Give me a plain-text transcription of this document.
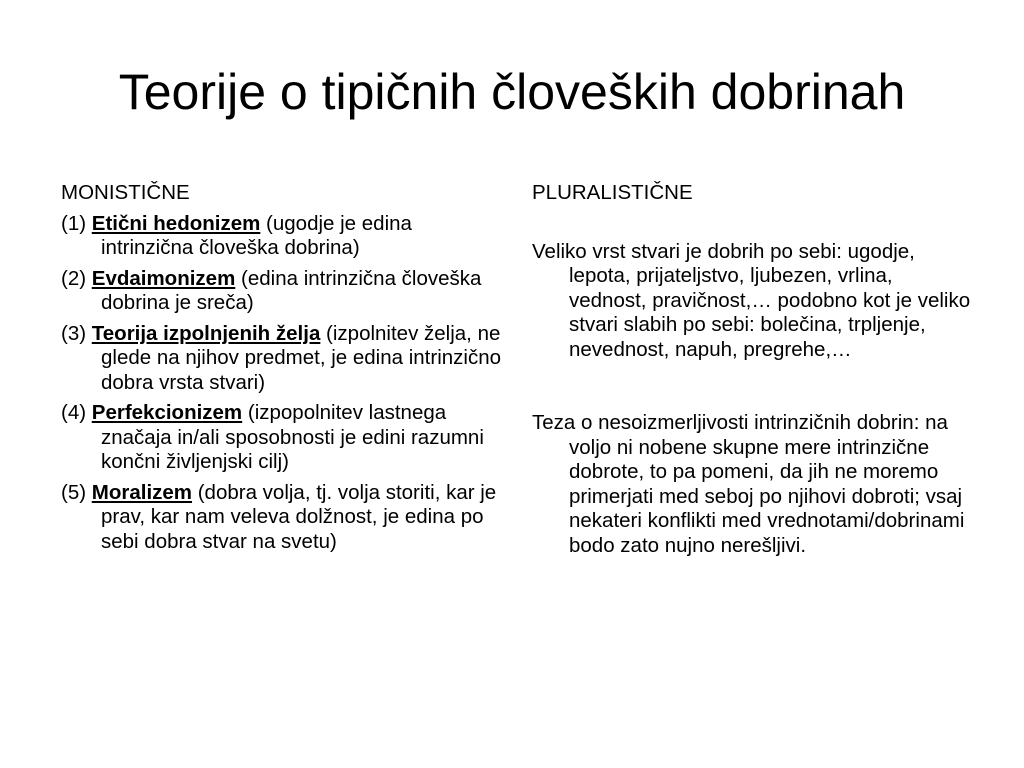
Teorije o tipičnih človeških dobrinah
MONISTIČNE
(1) Etični hedonizem (ugodje je edina intrinzična človeška dobrina)
(2) Evdaimonizem (edina intrinzična človeška dobrina je sreča)
(3) Teorija izpolnjenih želja (izpolnitev želja, ne glede na njihov predmet, je edina intrinzično dobra vrsta stvari)
(4) Perfekcionizem (izpopolnitev lastnega značaja in/ali sposobnosti je edini razumni končni življenjski cilj)
(5) Moralizem (dobra volja, tj. volja storiti, kar je prav, kar nam veleva dolžnost, je edina po sebi dobra stvar na svetu)
PLURALISTIČNE
Veliko vrst stvari je dobrih po sebi: ugodje, lepota, prijateljstvo, ljubezen, vrlina, vednost, pravičnost,… podobno kot je veliko stvari slabih po sebi: bolečina, trpljenje, nevednost, napuh, pregrehe,…
Teza o nesoizmerljivosti intrinzičnih dobrin: na voljo ni nobene skupne mere intrinzične dobrote, to pa pomeni, da jih ne moremo primerjati med seboj po njihovi dobroti; vsaj nekateri konflikti med vrednotami/dobrinami bodo zato nujno nerešljivi.
